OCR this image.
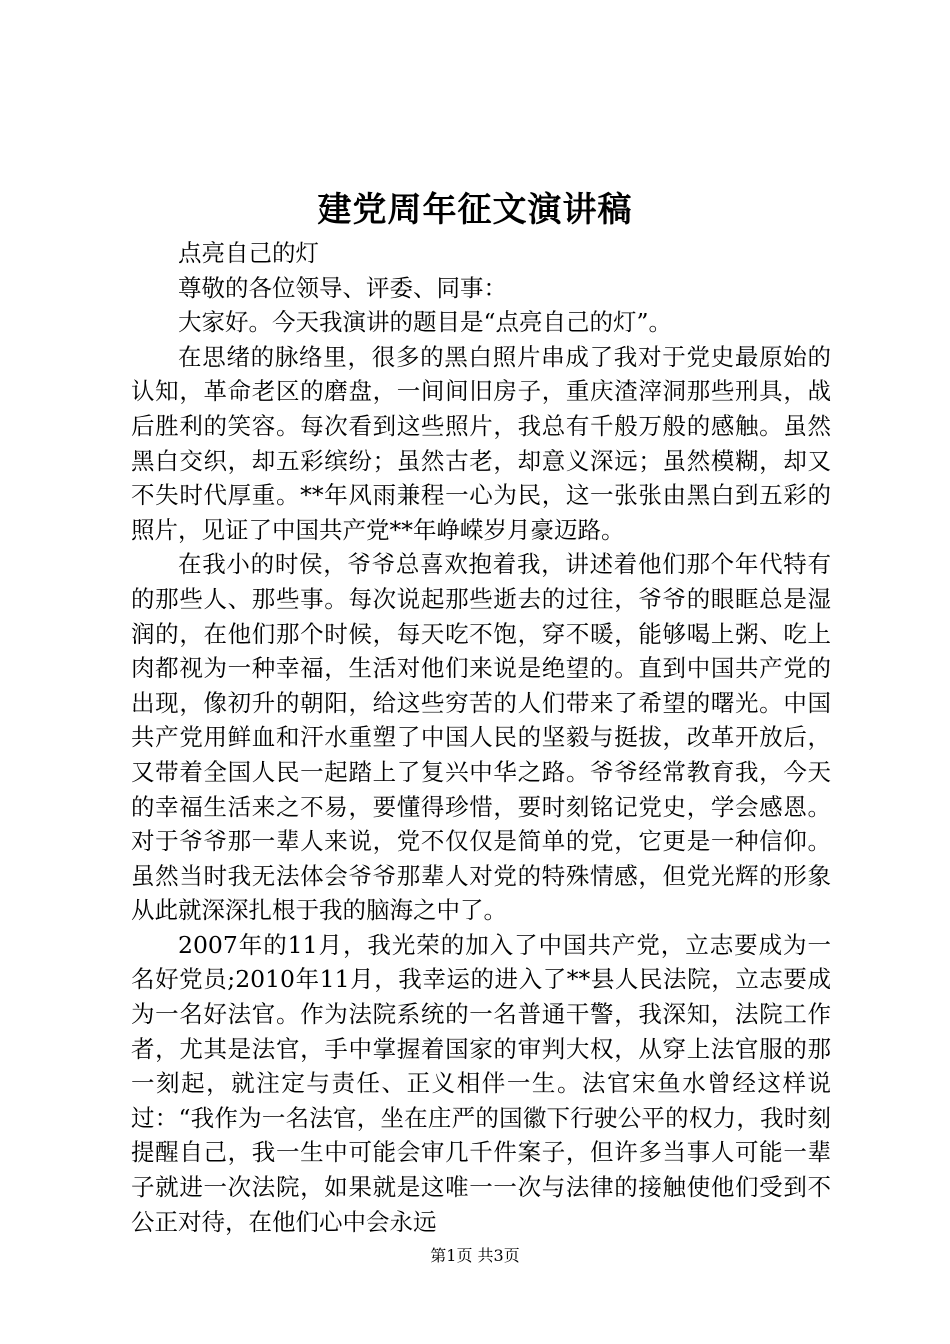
建党周年征文演讲稿

点亮自己的灯

尊敬的各位领导、评委、同事：

大家好。今天我演讲的题目是“点亮自己的灯”。

在思绪的脉络里，很多的黑白照片串成了我对于党史最原始的认知，革命老区的磨盘，一间间旧房子，重庆渣滓洞那些刑具，战后胜利的笑容。每次看到这些照片，我总有千般万般的感触。虽然黑白交织，却五彩缤纷；虽然古老，却意义深远；虽然模糊，却又不失时代厚重。**年风雨兼程一心为民，这一张张由黑白到五彩的照片，见证了中国共产党**年峥嵘岁月豪迈路。

在我小的时侯，爷爷总喜欢抱着我，讲述着他们那个年代特有的那些人、那些事。每次说起那些逝去的过往，爷爷的眼眶总是湿润的，在他们那个时候，每天吃不饱，穿不暖，能够喝上粥、吃上肉都视为一种幸福，生活对他们来说是绝望的。直到中国共产党的出现，像初升的朝阳，给这些穷苦的人们带来了希望的曙光。中国共产党用鲜血和汗水重塑了中国人民的坚毅与挺拔，改革开放后，又带着全国人民一起踏上了复兴中华之路。爷爷经常教育我，今天的幸福生活来之不易，要懂得珍惜，要时刻铭记党史，学会感恩。对于爷爷那一辈人来说，党不仅仅是简单的党，它更是一种信仰。虽然当时我无法体会爷爷那辈人对党的特殊情感，但党光辉的形象从此就深深扎根于我的脑海之中了。

2007年的11月，我光荣的加入了中国共产党，立志要成为一名好党员;2010年11月，我幸运的进入了**县人民法院，立志要成为一名好法官。作为法院系统的一名普通干警，我深知，法院工作者，尤其是法官，手中掌握着国家的审判大权，从穿上法官服的那一刻起，就注定与责任、正义相伴一生。法官宋鱼水曾经这样说过：“我作为一名法官，坐在庄严的国徽下行驶公平的权力，我时刻提醒自己，我一生中可能会审几千件案子，但许多当事人可能一辈子就进一次法院，如果就是这唯一一次与法律的接触使他们受到不公正对待，在他们心中会永远

第1页 共3页
